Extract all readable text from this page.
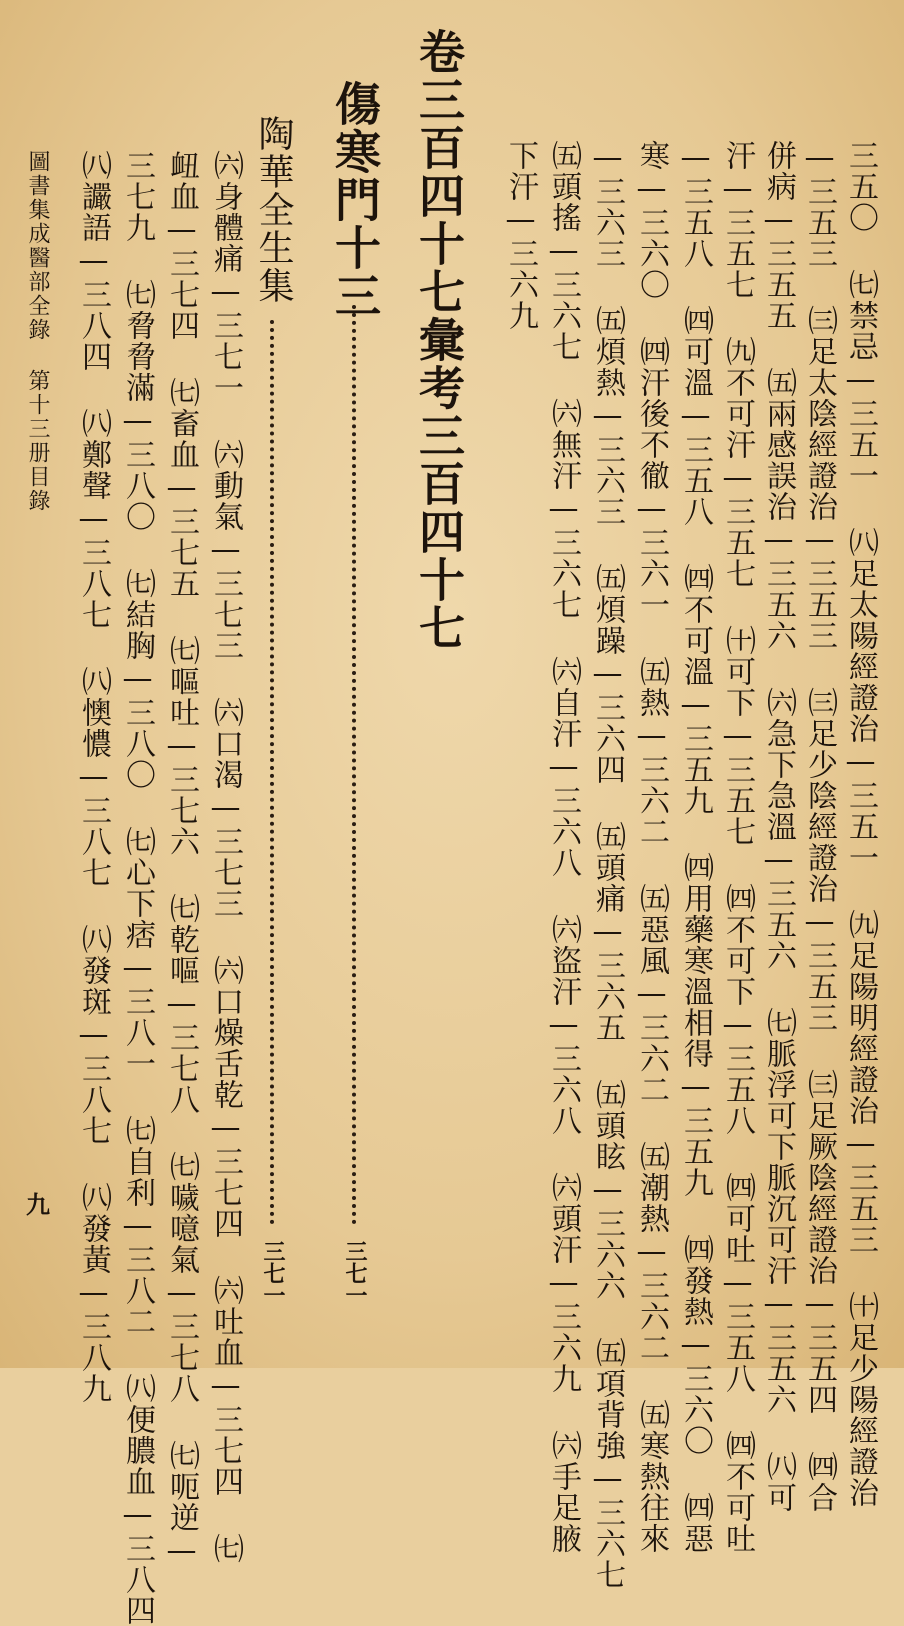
三五〇 ㈦禁忌—三五一 ㈧足太陽經證治—三五一 ㈨足陽明經證治—三五三 ㈩足少陽經證治
—三五三 ㈢足太陰經證治—三五三 ㈢足少陰經證治—三五三 ㈢足厥陰經證治—三五四 ㈣合
併病—三五五 ㈤兩感誤治—三五六 ㈥急下急溫—三五六 ㈦脈浮可下脈沉可汗—三五六 ㈧可
汗—三五七 ㈨不可汗—三五七 ㈩可下—三五七 ㈣不可下—三五八 ㈣可吐—三五八 ㈣不可吐
—三五八 ㈣可溫—三五八 ㈣不可溫—三五九 ㈣用藥寒溫相得—三五九 ㈣發熱—三六〇 ㈣惡
寒—三六〇 ㈣汗後不徹—三六一 ㈤熱—三六二 ㈤惡風—三六二 ㈤潮熱—三六二 ㈤寒熱往來
—三六三 ㈤煩熱—三六三 ㈤煩躁—三六四 ㈤頭痛—三六五 ㈤頭眩—三六六 ㈤項背強—三六七
㈤頭搖—三六七 ㈥無汗—三六七 ㈥自汗—三六八 ㈥盜汗—三六八 ㈥頭汗—三六九 ㈥手足腋
下汗—三六九
卷三百四十七彙考三百四十七
傷寒門十三
三七一
陶華全生集
三七一
㈥身體痛—三七一 ㈥動氣—三七三 ㈥口渴—三七三 ㈥口燥舌乾—三七四 ㈥吐血—三七四 ㈦
衄血—三七四 ㈦畜血—三七五 ㈦嘔吐—三七六 ㈦乾嘔—三七八 ㈦噦噫氣—三七八 ㈦呃逆—
三七九 ㈦脅脅滿—三八〇 ㈦結胸—三八〇 ㈦心下痞—三八一 ㈦自利—三八二 ㈧便膿血—三八四
㈧讝語—三八四 ㈧鄭聲—三八七 ㈧懊憹—三八七 ㈧發斑—三八七 ㈧發黃—三八九
圖書集成醫部全錄 第十三册目錄
九
